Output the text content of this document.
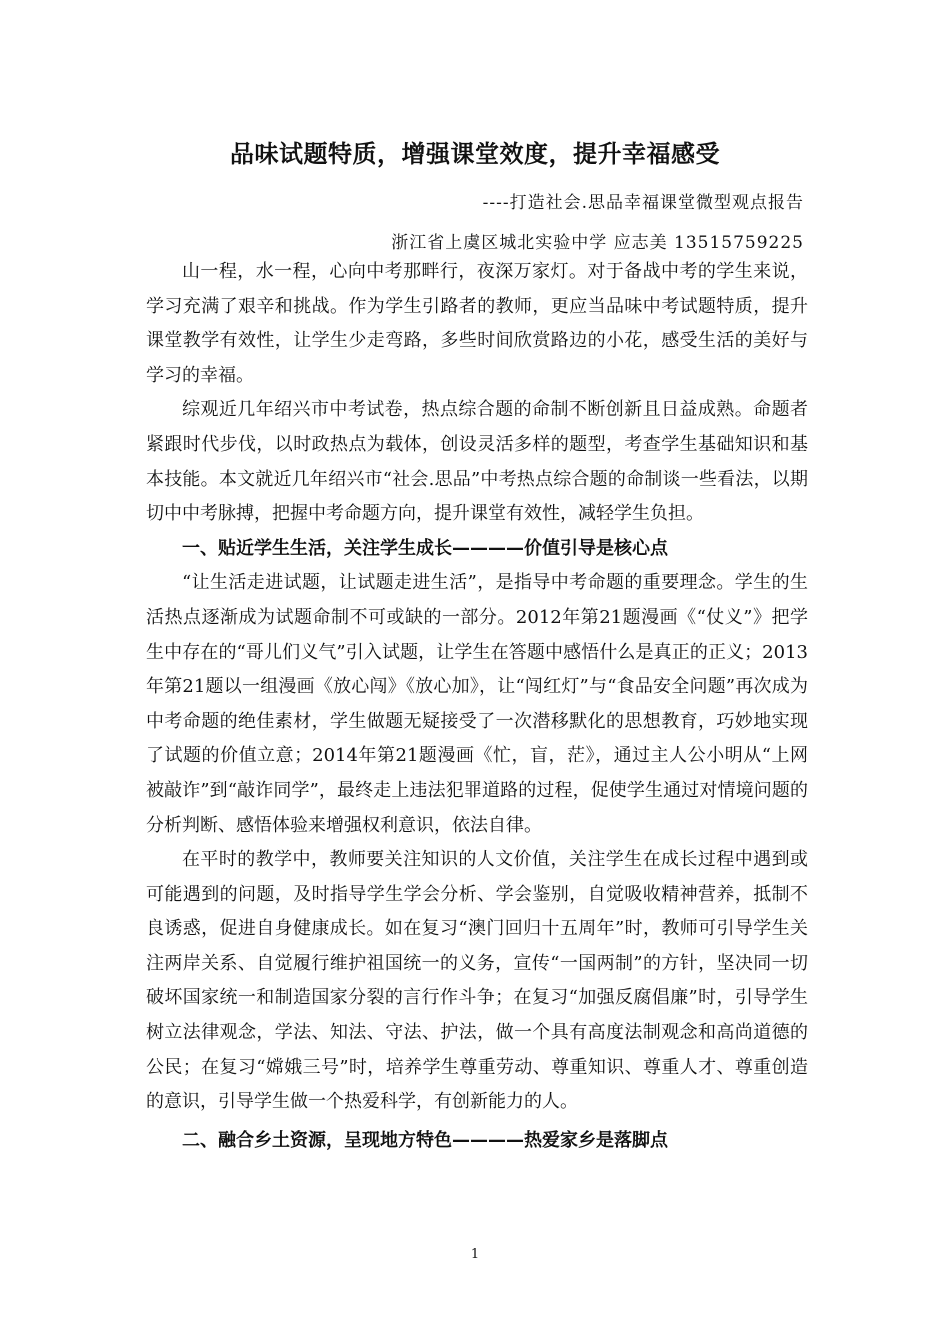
品味试题特质，增强课堂效度，提升幸福感受
----打造社会.思品幸福课堂微型观点报告
浙江省上虞区城北实验中学 应志美 13515759225

山一程，水一程，心向中考那畔行，夜深万家灯。对于备战中考的学生来说，学习充满了艰辛和挑战。作为学生引路者的教师，更应当品味中考试题特质，提升课堂教学有效性，让学生少走弯路，多些时间欣赏路边的小花，感受生活的美好与学习的幸福。

综观近几年绍兴市中考试卷，热点综合题的命制不断创新且日益成熟。命题者紧跟时代步伐，以时政热点为载体，创设灵活多样的题型，考查学生基础知识和基本技能。本文就近几年绍兴市“社会.思品”中考热点综合题的命制谈一些看法，以期切中中考脉搏，把握中考命题方向，提升课堂有效性，减轻学生负担。

一、贴近学生生活，关注学生成长————价值引导是核心点

“让生活走进试题，让试题走进生活”，是指导中考命题的重要理念。学生的生活热点逐渐成为试题命制不可或缺的一部分。2012年第21题漫画《“仗义”》把学生中存在的“哥儿们义气”引入试题，让学生在答题中感悟什么是真正的正义；2013年第21题以一组漫画《放心闯》《放心加》，让“闯红灯”与“食品安全问题”再次成为中考命题的绝佳素材，学生做题无疑接受了一次潜移默化的思想教育，巧妙地实现了试题的价值立意；2014年第21题漫画《忙，盲，茫》，通过主人公小明从“上网被敲诈”到“敲诈同学”，最终走上违法犯罪道路的过程，促使学生通过对情境问题的分析判断、感悟体验来增强权利意识，依法自律。

在平时的教学中，教师要关注知识的人文价值，关注学生在成长过程中遇到或可能遇到的问题，及时指导学生学会分析、学会鉴别，自觉吸收精神营养，抵制不良诱惑，促进自身健康成长。如在复习“澳门回归十五周年”时，教师可引导学生关注两岸关系、自觉履行维护祖国统一的义务，宣传“一国两制”的方针，坚决同一切破坏国家统一和制造国家分裂的言行作斗争；在复习“加强反腐倡廉”时，引导学生树立法律观念，学法、知法、守法、护法，做一个具有高度法制观念和高尚道德的公民；在复习“嫦娥三号”时，培养学生尊重劳动、尊重知识、尊重人才、尊重创造的意识，引导学生做一个热爱科学，有创新能力的人。

二、融合乡土资源，呈现地方特色————热爱家乡是落脚点

1
